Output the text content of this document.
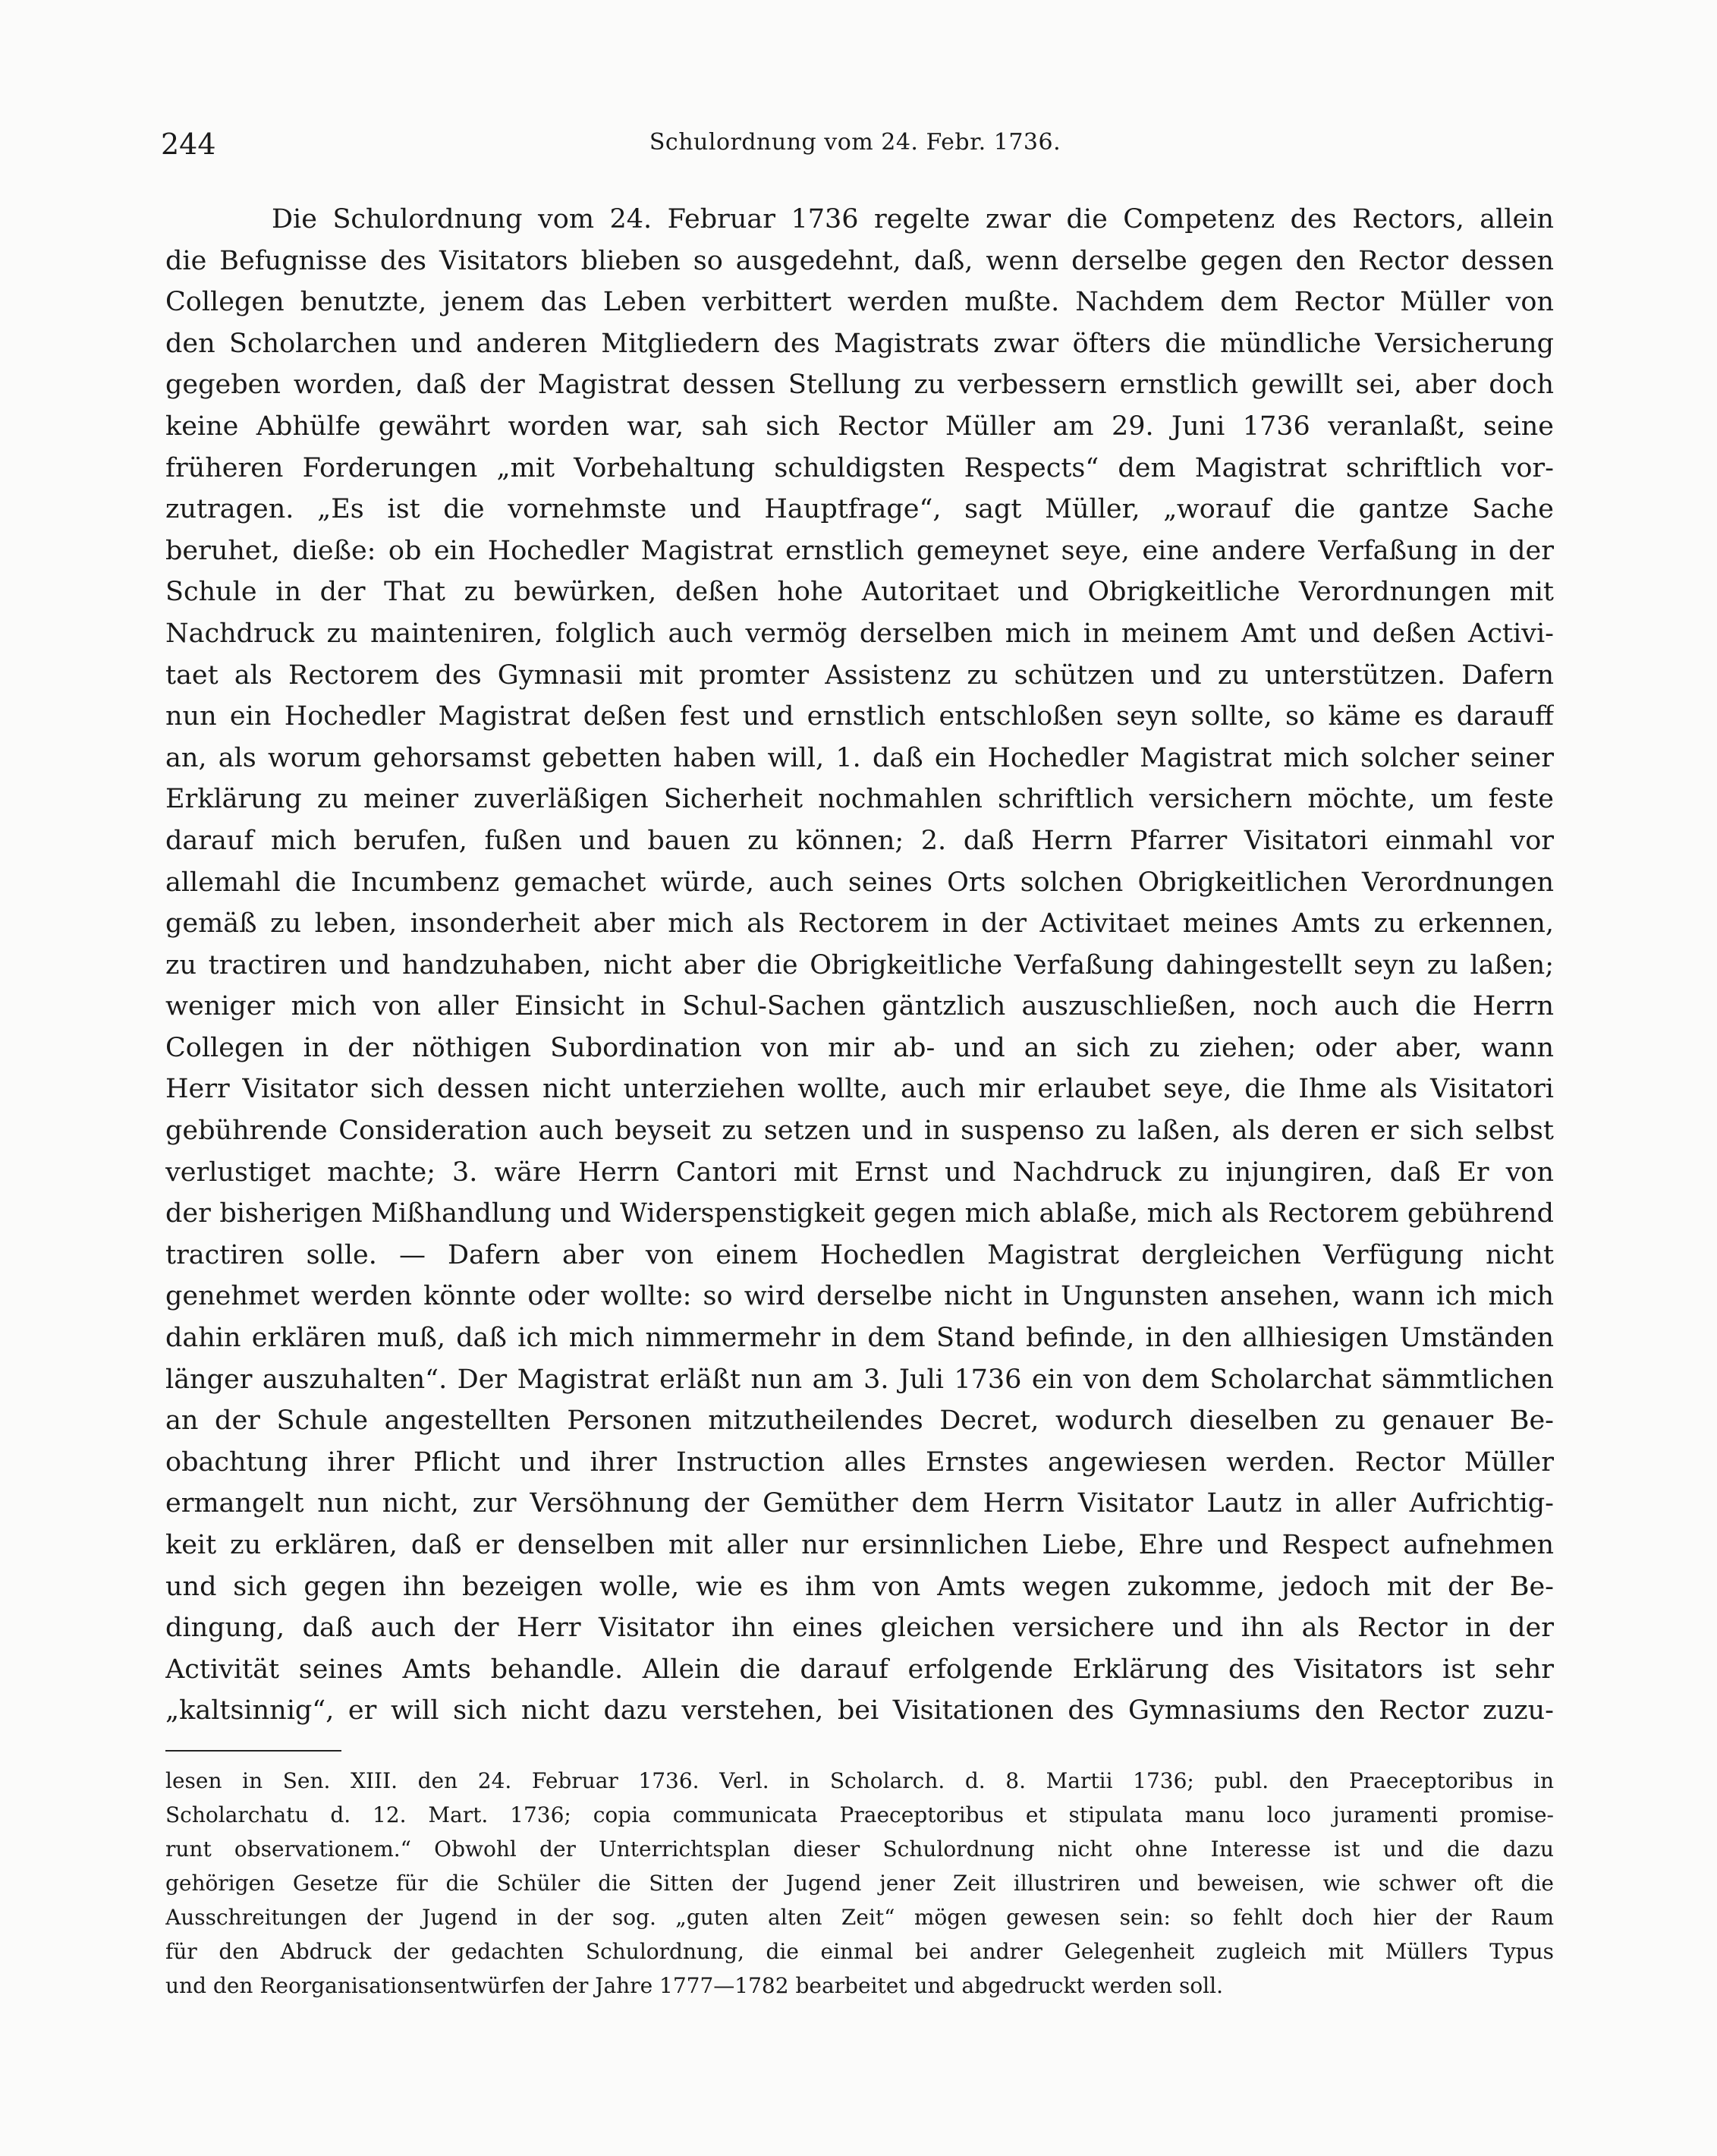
244	Schulordnung vom 24. Febr. 1736.
Die Schulordnung vom 24. Februar 1736 regelte zwar die Competenz des Rectors, allein
die Befugnisse des Visitators blieben so ausgedehnt, daß, wenn derselbe gegen den Rector dessen
Collegen benutzte, jenem das Leben verbittert werden mußte. Nachdem dem Rector Müller von
den Scholarchen und anderen Mitgliedern des Magistrats zwar öfters die mündliche Versicherung
gegeben worden, daß der Magistrat dessen Stellung zu verbessern ernstlich gewillt sei, aber doch
keine Abhülfe gewährt worden war, sah sich Rector Müller am 29. Juni 1736 veranlaßt, seine
früheren Forderungen „mit Vorbehaltung schuldigsten Respects“ dem Magistrat schriftlich vor-
zutragen. „Es ist die vornehmste und Hauptfrage“, sagt Müller, „worauf die gantze Sache
beruhet, dieße: ob ein Hochedler Magistrat ernstlich gemeynet seye, eine andere Verfaßung in der
Schule in der That zu bewürken, deßen hohe Autoritaet und Obrigkeitliche Verordnungen mit
Nachdruck zu mainteniren, folglich auch vermög derselben mich in meinem Amt und deßen Activi-
taet als Rectorem des Gymnasii mit promter Assistenz zu schützen und zu unterstützen. Dafern
nun ein Hochedler Magistrat deßen fest und ernstlich entschloßen seyn sollte, so käme es darauff
an, als worum gehorsamst gebetten haben will, 1. daß ein Hochedler Magistrat mich solcher seiner
Erklärung zu meiner zuverläßigen Sicherheit nochmahlen schriftlich versichern möchte, um feste
darauf mich berufen, fußen und bauen zu können; 2. daß Herrn Pfarrer Visitatori einmahl vor
allemahl die Incumbenz gemachet würde, auch seines Orts solchen Obrigkeitlichen Verordnungen
gemäß zu leben, insonderheit aber mich als Rectorem in der Activitaet meines Amts zu erkennen,
zu tractiren und handzuhaben, nicht aber die Obrigkeitliche Verfaßung dahingestellt seyn zu laßen;
weniger mich von aller Einsicht in Schul-Sachen gäntzlich auszuschließen, noch auch die Herrn
Collegen in der nöthigen Subordination von mir ab- und an sich zu ziehen; oder aber, wann
Herr Visitator sich dessen nicht unterziehen wollte, auch mir erlaubet seye, die Ihme als Visitatori
gebührende Consideration auch beyseit zu setzen und in suspenso zu laßen, als deren er sich selbst
verlustiget machte; 3. wäre Herrn Cantori mit Ernst und Nachdruck zu injungiren, daß Er von
der bisherigen Mißhandlung und Widerspenstigkeit gegen mich ablaße, mich als Rectorem gebührend
tractiren solle. — Dafern aber von einem Hochedlen Magistrat dergleichen Verfügung nicht
genehmet werden könnte oder wollte: so wird derselbe nicht in Ungunsten ansehen, wann ich mich
dahin erklären muß, daß ich mich nimmermehr in dem Stand befinde, in den allhiesigen Umständen
länger auszuhalten“. Der Magistrat erläßt nun am 3. Juli 1736 ein von dem Scholarchat sämmtlichen
an der Schule angestellten Personen mitzutheilendes Decret, wodurch dieselben zu genauer Be-
obachtung ihrer Pflicht und ihrer Instruction alles Ernstes angewiesen werden. Rector Müller
ermangelt nun nicht, zur Versöhnung der Gemüther dem Herrn Visitator Lautz in aller Aufrichtig-
keit zu erklären, daß er denselben mit aller nur ersinnlichen Liebe, Ehre und Respect aufnehmen
und sich gegen ihn bezeigen wolle, wie es ihm von Amts wegen zukomme, jedoch mit der Be-
dingung, daß auch der Herr Visitator ihn eines gleichen versichere und ihn als Rector in der
Activität seines Amts behandle. Allein die darauf erfolgende Erklärung des Visitators ist sehr
„kaltsinnig“, er will sich nicht dazu verstehen, bei Visitationen des Gymnasiums den Rector zuzu-
lesen in Sen. XIII. den 24. Februar 1736. Verl. in Scholarch. d. 8. Martii 1736; publ. den Praeceptoribus in
Scholarchatu d. 12. Mart. 1736; copia communicata Praeceptoribus et stipulata manu loco juramenti promise-
runt observationem.“ Obwohl der Unterrichtsplan dieser Schulordnung nicht ohne Interesse ist und die dazu
gehörigen Gesetze für die Schüler die Sitten der Jugend jener Zeit illustriren und beweisen, wie schwer oft die
Ausschreitungen der Jugend in der sog. „guten alten Zeit“ mögen gewesen sein: so fehlt doch hier der Raum
für den Abdruck der gedachten Schulordnung, die einmal bei andrer Gelegenheit zugleich mit Müllers Typus
und den Reorganisationsentwürfen der Jahre 1777—1782 bearbeitet und abgedruckt werden soll.
